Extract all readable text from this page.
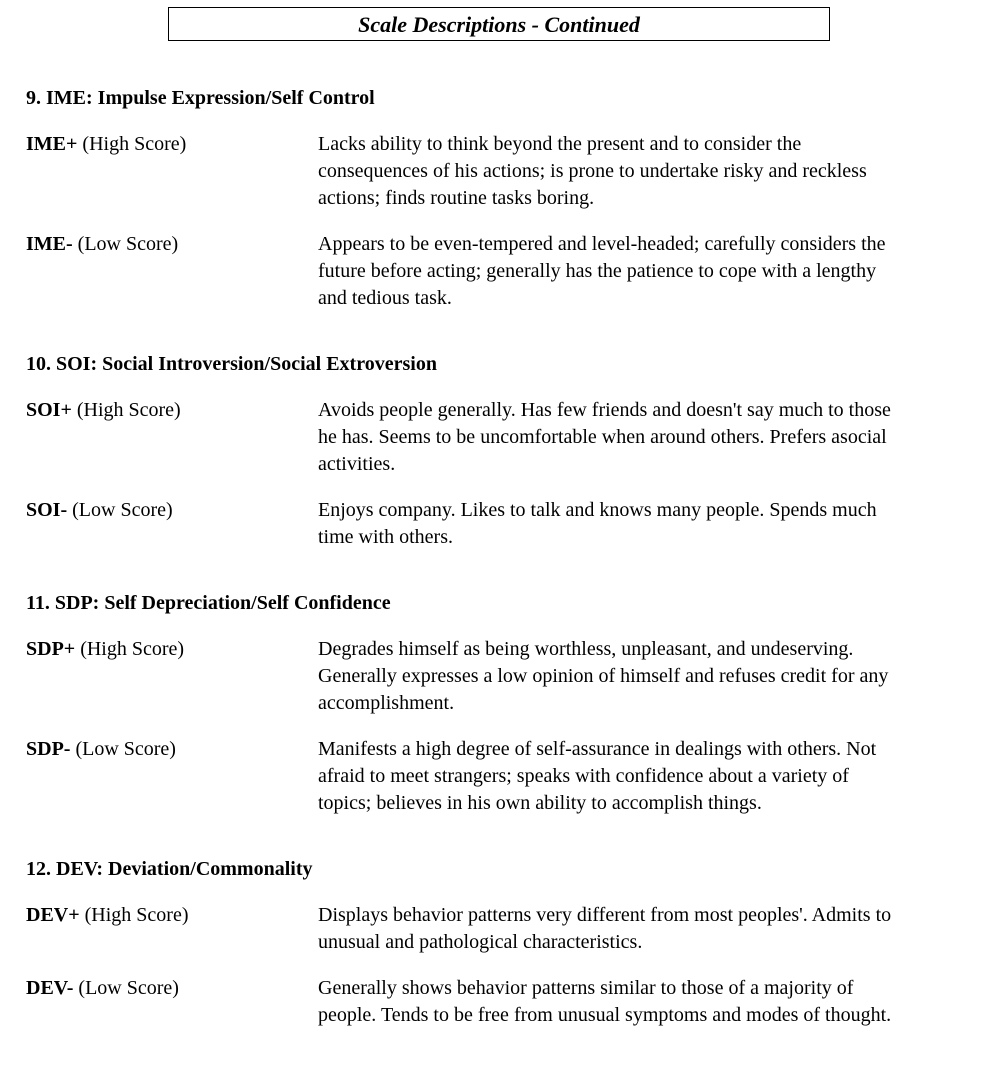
Scale Descriptions - Continued
9. IME: Impulse Expression/Self Control
IME+ (High Score)	Lacks ability to think beyond the present and to consider the
consequences of his actions; is prone to undertake risky and reckless
actions; finds routine tasks boring.
IME- (Low Score)	Appears to be even-tempered and level-headed; carefully considers the
future before acting; generally has the patience to cope with a lengthy
and tedious task.
10. SOI: Social Introversion/Social Extroversion
SOI+ (High Score)	Avoids people generally. Has few friends and doesn't say much to those
he has. Seems to be uncomfortable when around others. Prefers asocial
activities.
SOI- (Low Score)	Enjoys company. Likes to talk and knows many people. Spends much
time with others.
11. SDP: Self Depreciation/Self Confidence
SDP+ (High Score)	Degrades himself as being worthless, unpleasant, and undeserving.
Generally expresses a low opinion of himself and refuses credit for any
accomplishment.
SDP- (Low Score)	Manifests a high degree of self-assurance in dealings with others. Not
afraid to meet strangers; speaks with confidence about a variety of
topics; believes in his own ability to accomplish things.
12. DEV: Deviation/Commonality
DEV+ (High Score)	Displays behavior patterns very different from most peoples'. Admits to
unusual and pathological characteristics.
DEV- (Low Score)	Generally shows behavior patterns similar to those of a majority of
people. Tends to be free from unusual symptoms and modes of thought.
